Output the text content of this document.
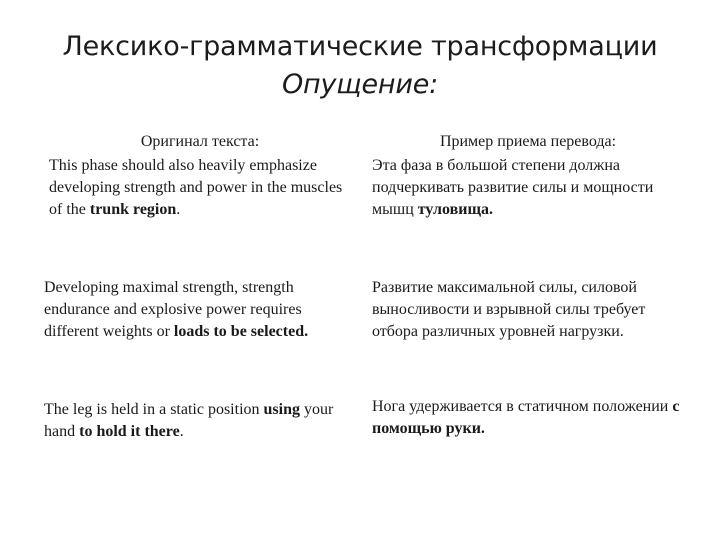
Лексико-грамматические трансформации
Опущение:
Оригинал текста:	Пример приема перевода:
This phase should also heavily emphasize developing strength and power in the muscles of the trunk region.
Эта фаза в большой степени должна подчеркивать развитие силы и мощности мышц туловища.
Developing maximal strength, strength endurance and explosive power requires different weights or loads to be selected.
Развитие максимальной силы, силовой выносливости и взрывной силы требует отбора различных уровней нагрузки.
The leg is held in a static position using your hand to hold it there.
Нога удерживается в статичном положении с помощью руки.
